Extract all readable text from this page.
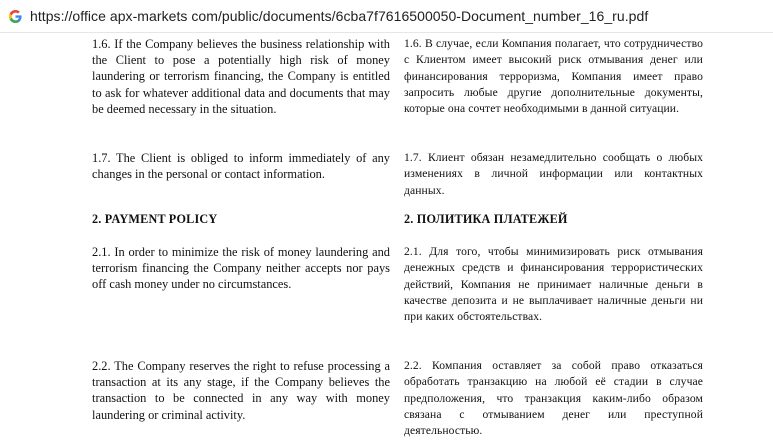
https://office apx-markets com/public/documents/6cba7f7616500050-Document_number_16_ru.pdf

1.6. If the Company believes the business relationship with the Client to pose a potentially high risk of money laundering or terrorism financing, the Company is entitled to ask for whatever additional data and documents that may be deemed necessary in the situation.

1.7. The Client is obliged to inform immediately of any changes in the personal or contact information.

2. PAYMENT POLICY

2.1. In order to minimize the risk of money laundering and terrorism financing the Company neither accepts nor pays off cash money under no circumstances.

2.2. The Company reserves the right to refuse processing a transaction at its any stage, if the Company believes the transaction to be connected in any way with money laundering or criminal activity.

1.6. В случае, если Компания полагает, что сотрудничество с Клиентом имеет высокий риск отмывания денег или финансирования терроризма, Компания имеет право запросить любые другие дополнительные документы, которые она сочтет необходимыми в данной ситуации.

1.7. Клиент обязан незамедлительно сообщать о любых изменениях в личной информации или контактных данных.

2. ПОЛИТИКА ПЛАТЕЖЕЙ

2.1. Для того, чтобы минимизировать риск отмывания денежных средств и финансирования террористических действий, Компания не принимает наличные деньги в качестве депозита и не выплачивает наличные деньги ни при каких обстоятельствах.

2.2. Компания оставляет за собой право отказаться обработать транзакцию на любой её стадии в случае предположения, что транзакция каким-либо образом связана с отмыванием денег или преступной деятельностью.
